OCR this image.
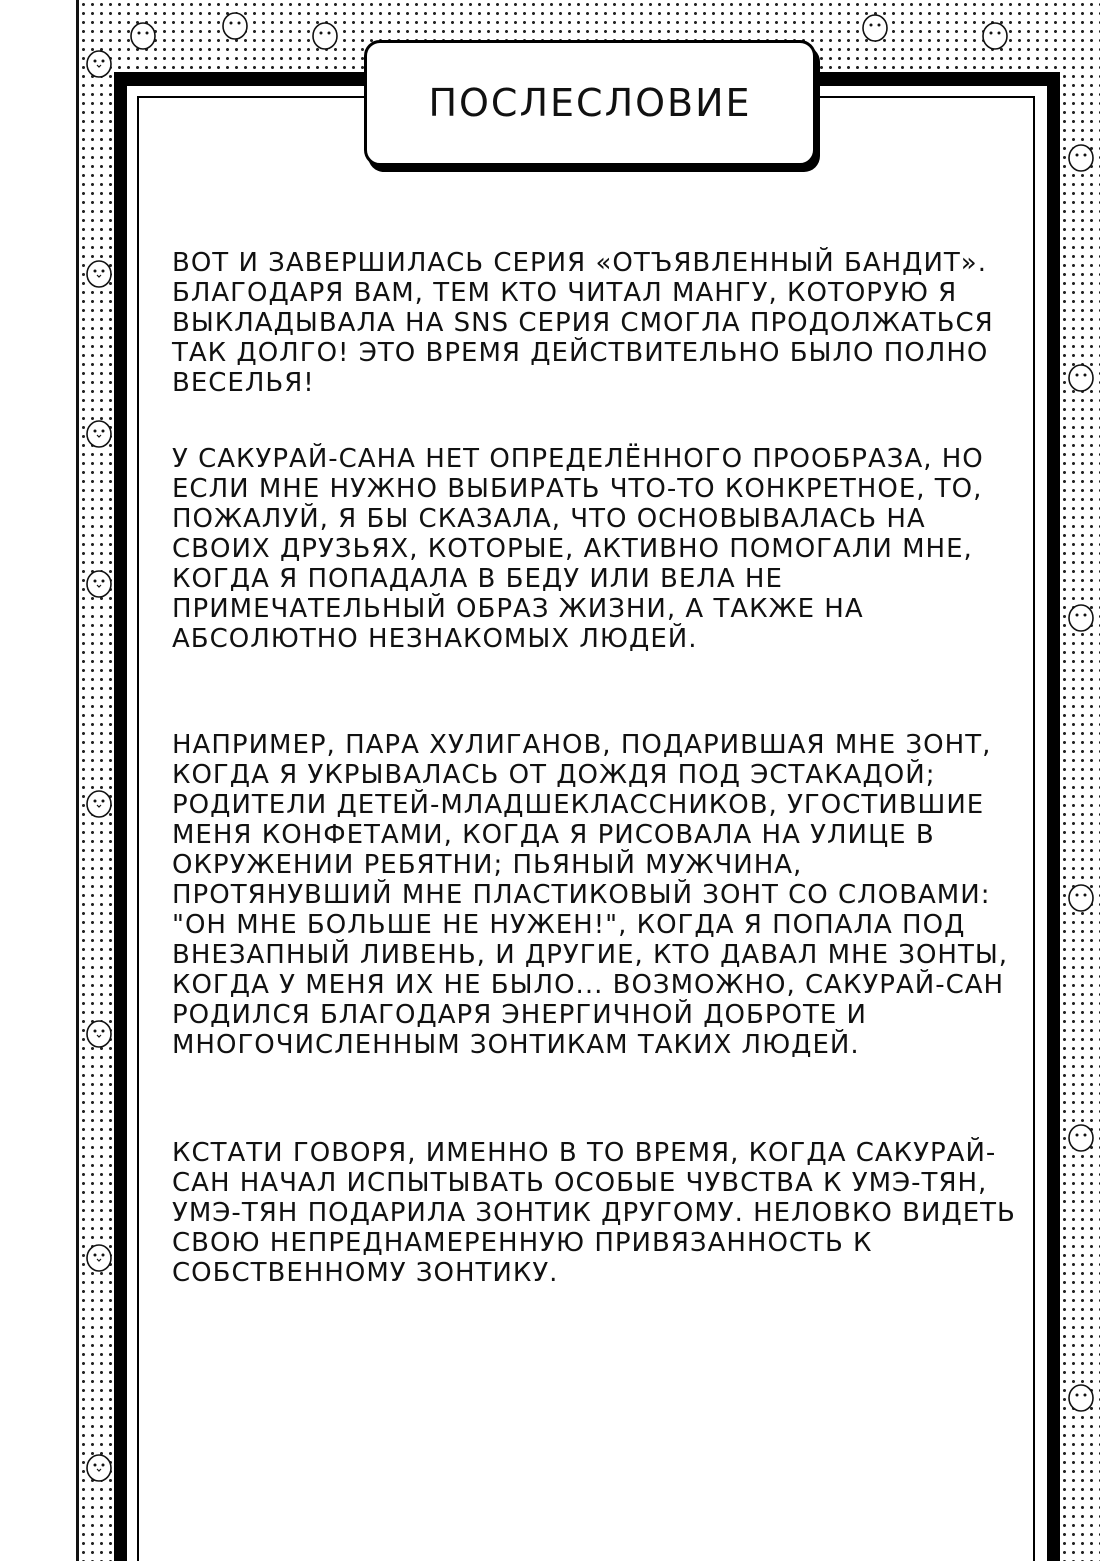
ПОСЛЕСЛОВИЕ

ВОТ И ЗАВЕРШИЛАСЬ СЕРИЯ «ОТЪЯВЛЕННЫЙ БАНДИТ». БЛАГОДАРЯ ВАМ, ТЕМ КТО ЧИТАЛ МАНГУ, КОТОРУЮ Я ВЫКЛАДЫВАЛА НА SNS СЕРИЯ СМОГЛА ПРОДОЛЖАТЬСЯ ТАК ДОЛГО! ЭТО ВРЕМЯ ДЕЙСТВИТЕЛЬНО БЫЛО ПОЛНО ВЕСЕЛЬЯ!

У САКУРАЙ-САНА НЕТ ОПРЕДЕЛЁННОГО ПРООБРАЗА, НО ЕСЛИ МНЕ НУЖНО ВЫБИРАТЬ ЧТО-ТО КОНКРЕТНОЕ, ТО, ПОЖАЛУЙ, Я БЫ СКАЗАЛА, ЧТО ОСНОВЫВАЛАСЬ НА СВОИХ ДРУЗЬЯХ, КОТОРЫЕ, АКТИВНО ПОМОГАЛИ МНЕ, КОГДА Я ПОПАДАЛА В БЕДУ ИЛИ ВЕЛА НЕ ПРИМЕЧАТЕЛЬНЫЙ ОБРАЗ ЖИЗНИ, А ТАКЖЕ НА АБСОЛЮТНО НЕЗНАКОМЫХ ЛЮДЕЙ.

НАПРИМЕР, ПАРА ХУЛИГАНОВ, ПОДАРИВШАЯ МНЕ ЗОНТ, КОГДА Я УКРЫВАЛАСЬ ОТ ДОЖДЯ ПОД ЭСТАКАДОЙ; РОДИТЕЛИ ДЕТЕЙ-МЛАДШЕКЛАССНИКОВ, УГОСТИВШИЕ МЕНЯ КОНФЕТАМИ, КОГДА Я РИСОВАЛА НА УЛИЦЕ В ОКРУЖЕНИИ РЕБЯТНИ; ПЬЯНЫЙ МУЖЧИНА, ПРОТЯНУВШИЙ МНЕ ПЛАСТИКОВЫЙ ЗОНТ СО СЛОВАМИ: "ОН МНЕ БОЛЬШЕ НЕ НУЖЕН!", КОГДА Я ПОПАЛА ПОД ВНЕЗАПНЫЙ ЛИВЕНЬ, И ДРУГИЕ, КТО ДАВАЛ МНЕ ЗОНТЫ, КОГДА У МЕНЯ ИХ НЕ БЫЛО... ВОЗМОЖНО, САКУРАЙ-САН РОДИЛСЯ БЛАГОДАРЯ ЭНЕРГИЧНОЙ ДОБРОТЕ И МНОГОЧИСЛЕННЫМ ЗОНТИКАМ ТАКИХ ЛЮДЕЙ.

КСТАТИ ГОВОРЯ, ИМЕННО В ТО ВРЕМЯ, КОГДА САКУРАЙ-САН НАЧАЛ ИСПЫТЫВАТЬ ОСОБЫЕ ЧУВСТВА К УМЭ-ТЯН, УМЭ-ТЯН ПОДАРИЛА ЗОНТИК ДРУГОМУ. НЕЛОВКО ВИДЕТЬ СВОЮ НЕПРЕДНАМЕРЕННУЮ ПРИВЯЗАННОСТЬ К СОБСТВЕННОМУ ЗОНТИКУ.
